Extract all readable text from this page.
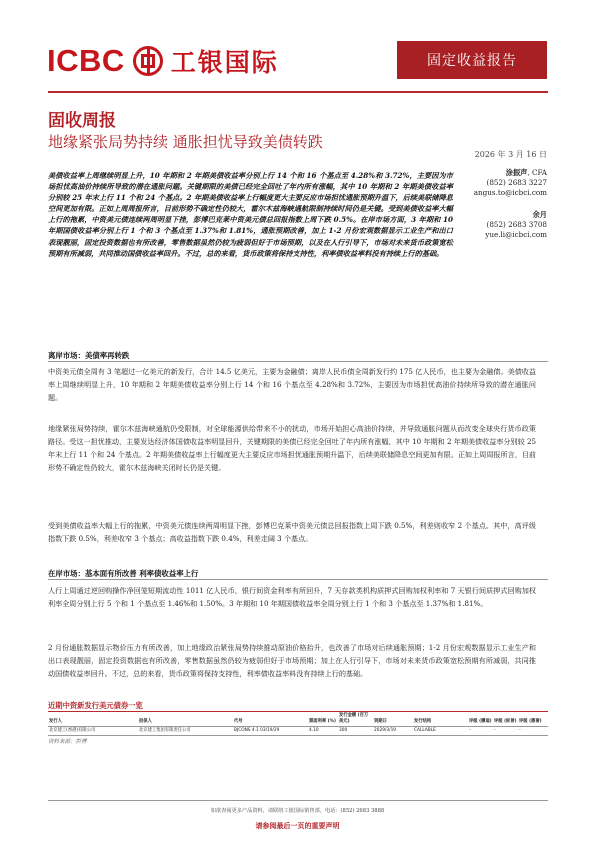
ICBC 工银国际	固定收益报告
固收周报
地缘紧张局势持续 通胀担忧导致美债转跌
2026 年 3 月 16 日
涂振声, CFA
(852) 2683 3227
angus.to@icbci.com
余月
(852) 2683 3708
yue.li@icbci.com
美债收益率上周继续明显上升，10 年期和 2 年期美债收益率分别上行 14 个和 16 个基点至 4.28%和 3.72%，主要因为市场担忧高油价持续所导致的潜在通胀问题。关键期限的美债已经完全回吐了年内所有涨幅，其中 10 年期和 2 年期美债收益率分别较 25 年末上行 11 个和 24 个基点。2 年期美债收益率上行幅度更大主要反应市场担忧通胀预期升温下，后续美联储降息空间更加有限。正如上周周报所言，目前形势不确定性仍较大，霍尔木兹海峡遇航限制持续时间仍是关键。受到美债收益率大幅上行的拖累，中资美元债连续两周明显下挫，彭博巴克莱中资美元债总回报指数上周下跌 0.5%。在岸市场方面，3 年期和 10 年期国债收益率分别上行 1 个和 3 个基点至 1.37%和 1.81%，通胀预期改善，加上 1-2 月份宏观数据显示工业生产和出口表现靓丽，固定投资数据也有所改善，零售数据虽然仍较为疲弱但好于市场预期，以及在人行引导下，市场对未来货币政策宽松预期有所减弱，共同推动国债收益率回升。不过，总的来看，货币政策将保持支持性，利率债收益率料没有持续上行的基础。
离岸市场：美债率再转跌
中资美元债全周有 3 笔超过一亿美元的新发行，合计 14.5 亿美元，主要为金融债；离岸人民币债全周新发行约 175 亿人民币，也主要为金融债。美债收益率上周继续明显上升，10 年期和 2 年期美债收益率分别上行 14 个和 16 个基点至 4.28%和 3.72%，主要因为市场担忧高油价持续所导致的潜在通胀问题。
地缘紧张局势持续，霍尔木兹海峡通航仍受限制，对全球能源供给带来不小的扰动，市场开始担心高油价持续，并导致通胀问题从而改变全球央行货币政策路径。受这一担忧推动，主要发达经济体国债收益率明显回升，关键期限的美债已经完全回吐了年内所有涨幅，其中 10 年期和 2 年期美债收益率分别较 25 年末上行 11 个和 24 个基点。2 年期美债收益率上行幅度更大主要反应市场担忧通胀预期升温下，后续美联储降息空间更加有限。正如上周周报所言，目前形势不确定性仍较大，霍尔木兹海峡关闭时长仍是关键。
受到美债收益率大幅上行的拖累，中资美元债连续两周明显下挫，彭博巴克莱中资美元债总回报指数上周下跌 0.5%，利差则收窄 2 个基点。其中，高评级指数下跌 0.5%，利差收窄 3 个基点；高收益指数下跌 0.4%，利差走阔 3 个基点。
在岸市场：基本面有所改善 利率债收益率上行
人行上周通过逆回购操作净回笼短期流动性 1011 亿人民币，银行间资金利率有所回升，7 天存款类机构质押式回购加权利率和 7 天银行间质押式回购加权利率全周分别上行 5 个和 1 个基点至 1.46%和 1.50%。3 年期和 10 年期国债收益率全周分别上行 1 个和 3 个基点至 1.37%和 1.81%。
2 月份通胀数据显示物价压力有所改善，加上地缘政治紧张局势持续推动原油价格抬升，也改善了市场对后续通胀预期；1-2 月份宏观数据显示工业生产和出口表现靓丽，固定投资数据也有所改善，零售数据虽然仍较为疲弱但好于市场预期；加上在人行引导下，市场对未来货币政策宽松预期有所减弱，共同推动国债收益率回升。不过，总的来看，货币政策将保持支持性，利率债收益率料没有持续上行的基础。
近期中资新发行美元债券一览
发行人	担保人	代号	票面利率 (%)	发行金额 (百万美元)	到期日	发行结构	评级 (穆迪)	评级 (标普)	评级 (惠誉)
北京建工(香港)有限公司	北京建工集团有限责任公司	BJCONS 4.1 03/19/29	4.10	300	2029/3/19	CALLABLE	-	-	-
资料来源：彭博
如欲查阅更多产品资料，请联络工银国际销售部，电话：(852) 2683 3888
请参阅最后一页的重要声明
